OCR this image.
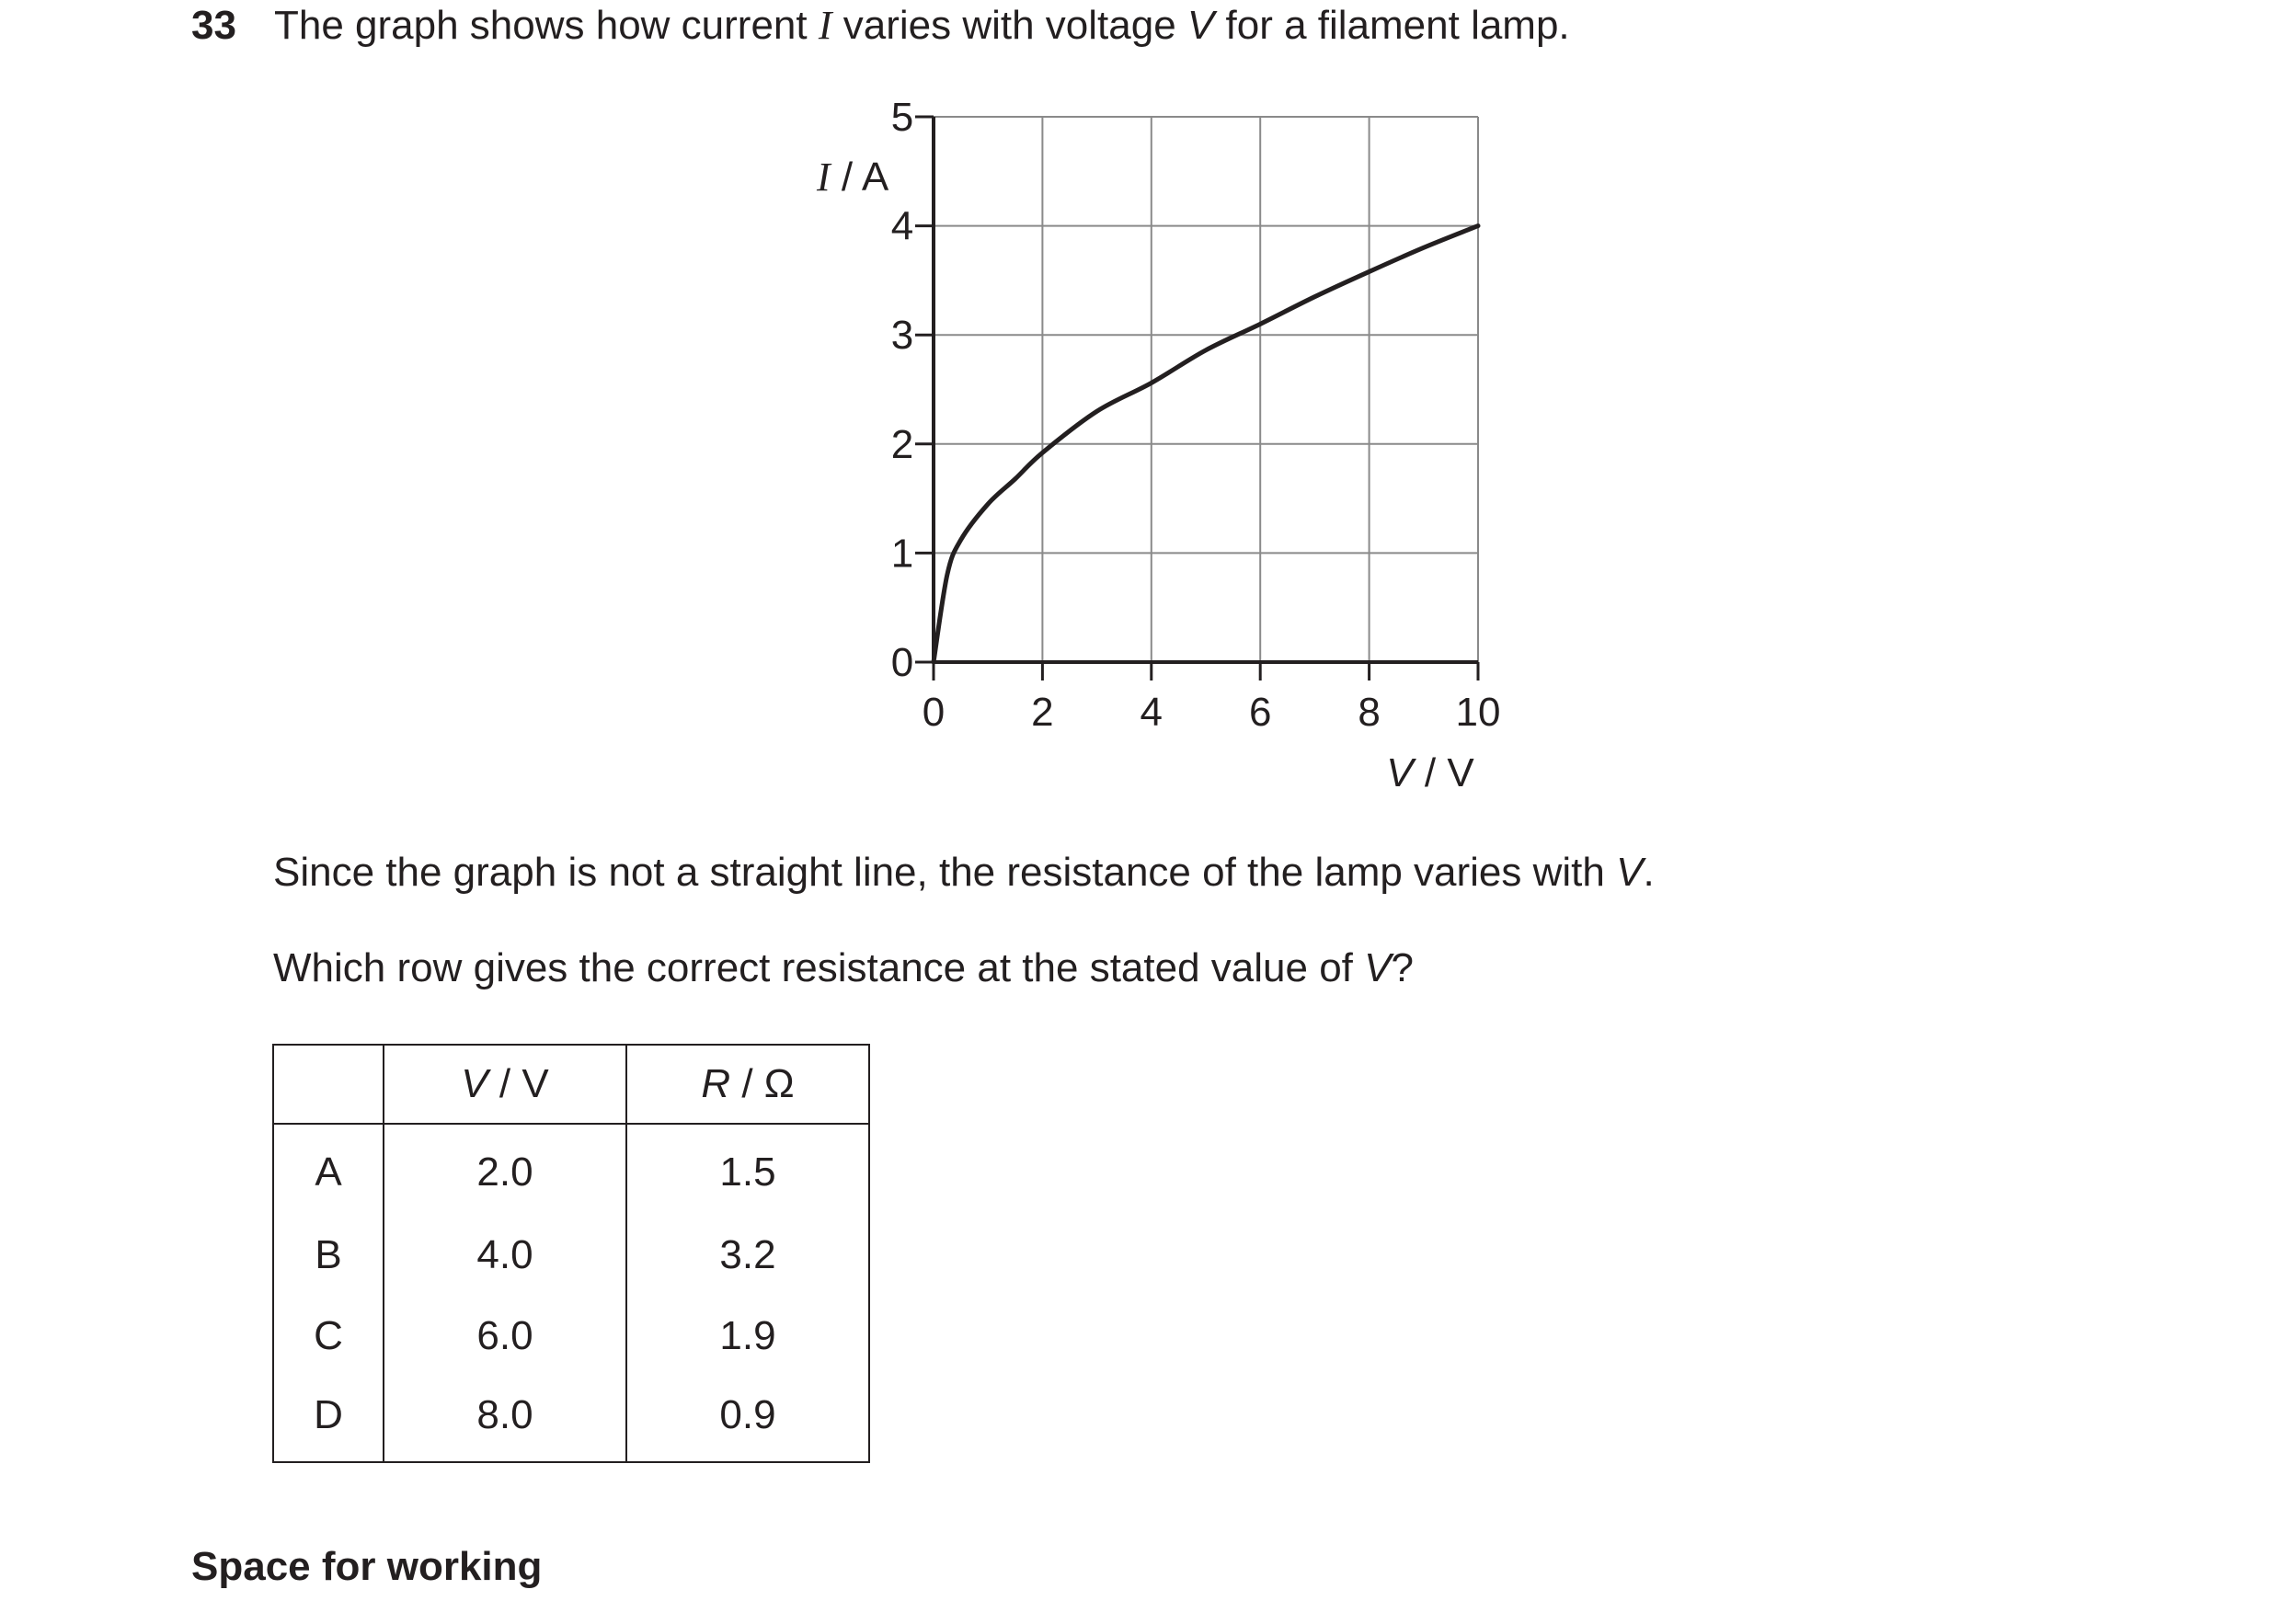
33 The graph shows how current I varies with voltage V for a filament lamp.
0
1
2
3
4
5
0 2 4 6 8 10
I / A
V / V
Since the graph is not a straight line, the resistance of the lamp varies with V.
Which row gives the correct resistance at the stated value of V?
	V / V	R / Ω
A	2.0	1.5
B	4.0	3.2
C	6.0	1.9
D	8.0	0.9
Space for working
